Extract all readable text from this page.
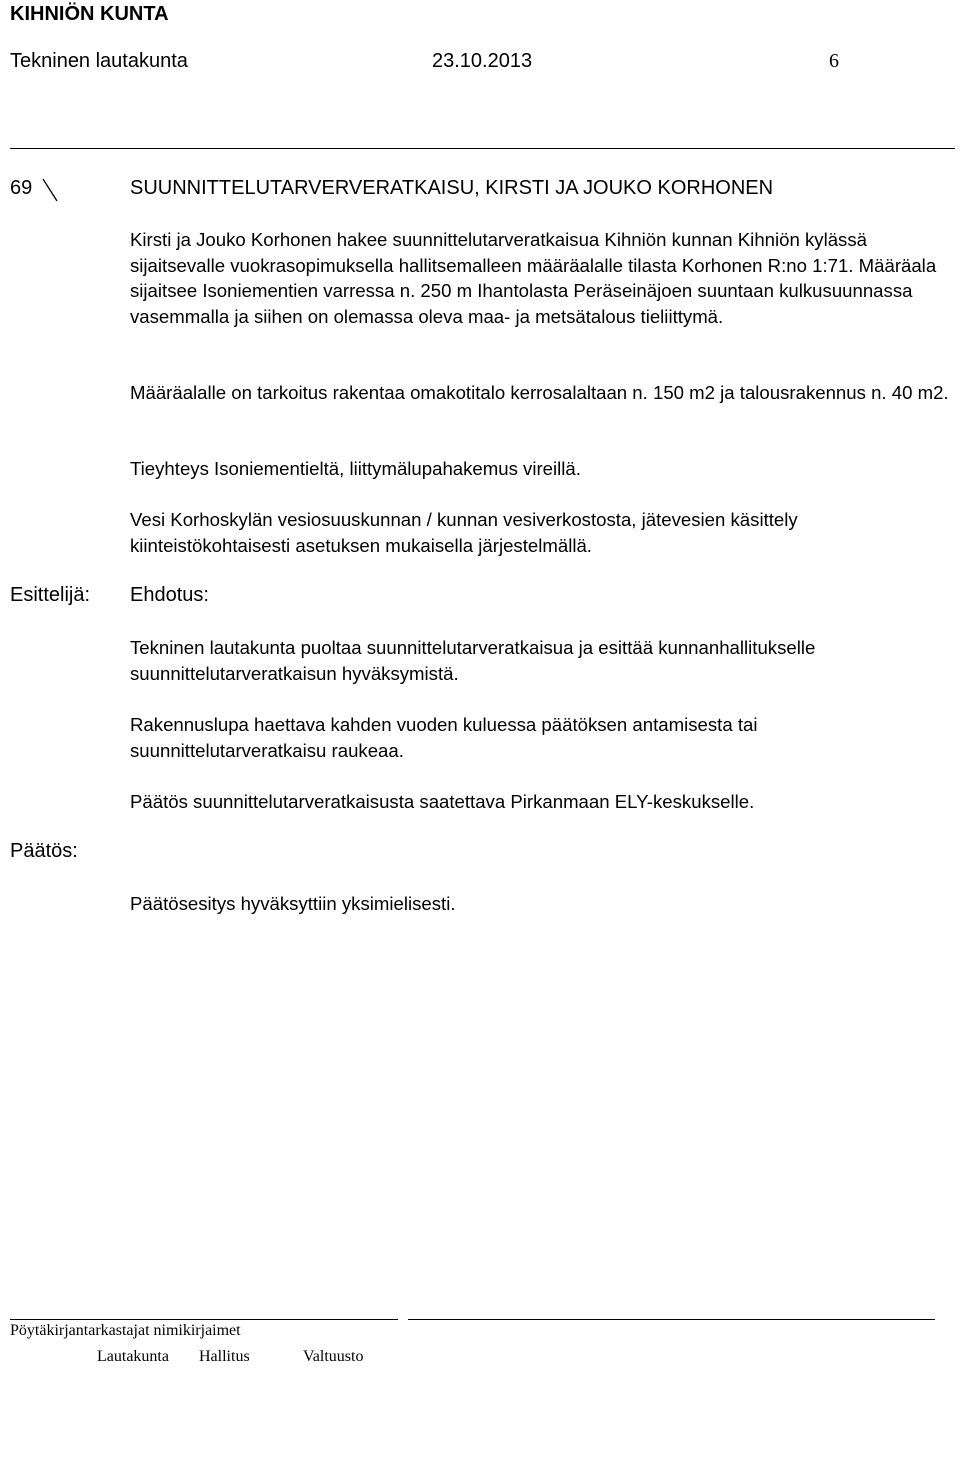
KIHNIÖN KUNTA
Tekninen lautakunta	23.10.2013	6
69	SUUNNITTELUTARVERVERATKAISU, KIRSTI JA JOUKO KORHONEN
Kirsti ja Jouko Korhonen hakee suunnittelutarveratkaisua Kihniön kunnan Kihniön kylässä sijaitsevalle vuokrasopimuksella hallitsemalleen määräalalle tilasta Korhonen R:no 1:71. Määräala sijaitsee Isoniementien varressa n. 250 m Ihantolasta Peräseinäjoen suuntaan kulkusuunnassa vasemmalla ja siihen on olemassa oleva maa- ja metsätalous tieliittymä.
Määräalalle on tarkoitus rakentaa omakotitalo kerrosalaltaan n. 150 m2 ja talousrakennus n. 40 m2.
Tieyhteys Isoniementieltä, liittymälupahakemus vireillä.
Vesi Korhoskylän vesiosuuskunnan / kunnan vesiverkostosta, jätevesien käsittely kiinteistökohtaisesti asetuksen mukaisella järjestelmällä.
Esittelijä: Ehdotus:
Tekninen lautakunta puoltaa suunnittelutarveratkaisua ja esittää kunnanhallitukselle suunnittelutarveratkaisun hyväksymistä.
Rakennuslupa haettava kahden vuoden kuluessa päätöksen antamisesta tai suunnittelutarveratkaisu raukeaa.
Päätös suunnittelutarveratkaisusta saatettava Pirkanmaan ELY-keskukselle.
Päätös:
Päätösesitys hyväksyttiin yksimielisesti.
Pöytäkirjantarkastajat nimikirjaimet
Lautakunta Hallitus	Valtuusto
